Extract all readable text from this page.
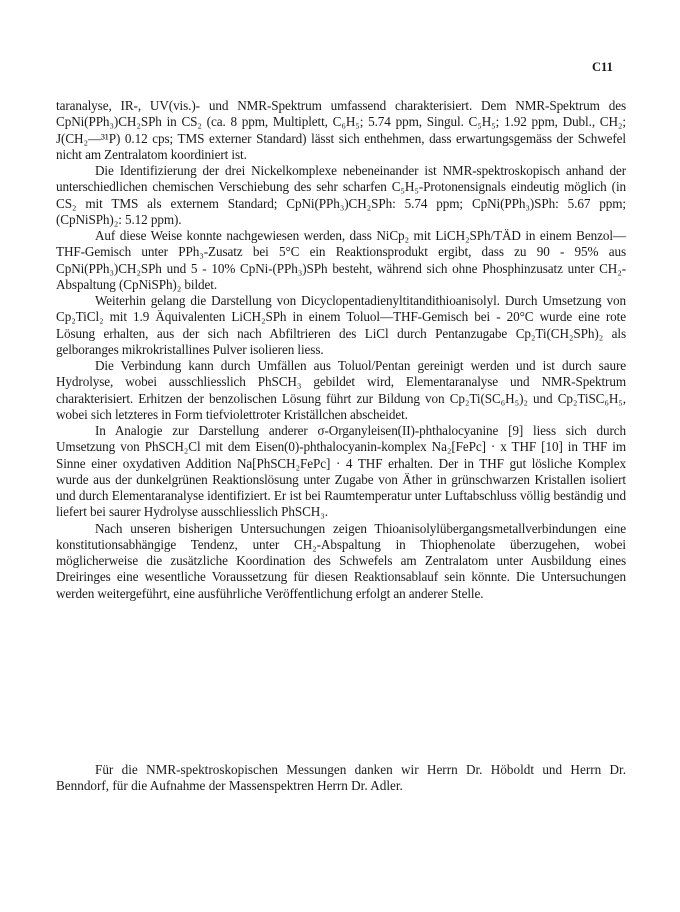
C11

taranalyse, IR-, UV(vis.)- und NMR-Spektrum umfassend charakterisiert. Dem NMR-Spektrum des CpNi(PPh₃)CH₂SPh in CS₂ (ca. 8 ppm, Multiplett, C₆H₅; 5.74 ppm, Singul. C₅H₅; 1.92 ppm, Dubl., CH₂; J(CH₂—³¹P) 0.12 cps; TMS externer Standard) lässt sich enthehmen, dass erwartungsgemäss der Schwefel nicht am Zentralatom koordiniert ist.

Die Identifizierung der drei Nickelkomplexe nebeneinander ist NMR-spektroskopisch anhand der unterschiedlichen chemischen Verschiebung des sehr scharfen C₅H₅-Protonensignals eindeutig möglich (in CS₂ mit TMS als externem Standard; CpNi(PPh₃)CH₂SPh: 5.74 ppm; CpNi(PPh₃)SPh: 5.67 ppm; (CpNiSPh)₂: 5.12 ppm).

Auf diese Weise konnte nachgewiesen werden, dass NiCp₂ mit LiCH₂SPh/TÄD in einem Benzol—THF-Gemisch unter PPh₃-Zusatz bei 5°C ein Reaktionsprodukt ergibt, dass zu 90 - 95% aus CpNi(PPh₃)CH₂SPh und 5 - 10% CpNi-(PPh₃)SPh besteht, während sich ohne Phosphinzusatz unter CH₂-Abspaltung (CpNiSPh)₂ bildet.

Weiterhin gelang die Darstellung von Dicyclopentadienyltitandithioanisolyl. Durch Umsetzung von Cp₂TiCl₂ mit 1.9 Äquivalenten LiCH₂SPh in einem Toluol—THF-Gemisch bei - 20°C wurde eine rote Lösung erhalten, aus der sich nach Abfiltrieren des LiCl durch Pentanzugabe Cp₂Ti(CH₂SPh)₂ als gelboranges mikrokristallines Pulver isolieren liess.

Die Verbindung kann durch Umfällen aus Toluol/Pentan gereinigt werden und ist durch saure Hydrolyse, wobei ausschliesslich PhSCH₃ gebildet wird, Elementaranalyse und NMR-Spektrum charakterisiert. Erhitzen der benzolischen Lösung führt zur Bildung von Cp₂Ti(SC₆H₅)₂ und Cp₂TiSC₆H₅, wobei sich letzteres in Form tiefviolettroter Kriställchen abscheidet.

In Analogie zur Darstellung anderer σ-Organyleisen(II)-phthalocyanine [9] liess sich durch Umsetzung von PhSCH₂Cl mit dem Eisen(0)-phthalocyanin-komplex Na₂[FePc] · x THF [10] in THF im Sinne einer oxydativen Addition Na[PhSCH₂FePc] · 4 THF erhalten. Der in THF gut lösliche Komplex wurde aus der dunkelgrünen Reaktionslösung unter Zugabe von Äther in grünschwarzen Kristallen isoliert und durch Elementaranalyse identifiziert. Er ist bei Raumtemperatur unter Luftabschluss völlig beständig und liefert bei saurer Hydrolyse ausschliesslich PhSCH₃.

Nach unseren bisherigen Untersuchungen zeigen Thioanisolylübergangsmetallverbindungen eine konstitutionsabhängige Tendenz, unter CH₂-Abspaltung in Thiophenolate überzugehen, wobei möglicherweise die zusätzliche Koordination des Schwefels am Zentralatom unter Ausbildung eines Dreiringes eine wesentliche Voraussetzung für diesen Reaktionsablauf sein könnte. Die Untersuchungen werden weitergeführt, eine ausführliche Veröffentlichung erfolgt an anderer Stelle.

Für die NMR-spektroskopischen Messungen danken wir Herrn Dr. Höboldt und Herrn Dr. Benndorf, für die Aufnahme der Massenspektren Herrn Dr. Adler.
